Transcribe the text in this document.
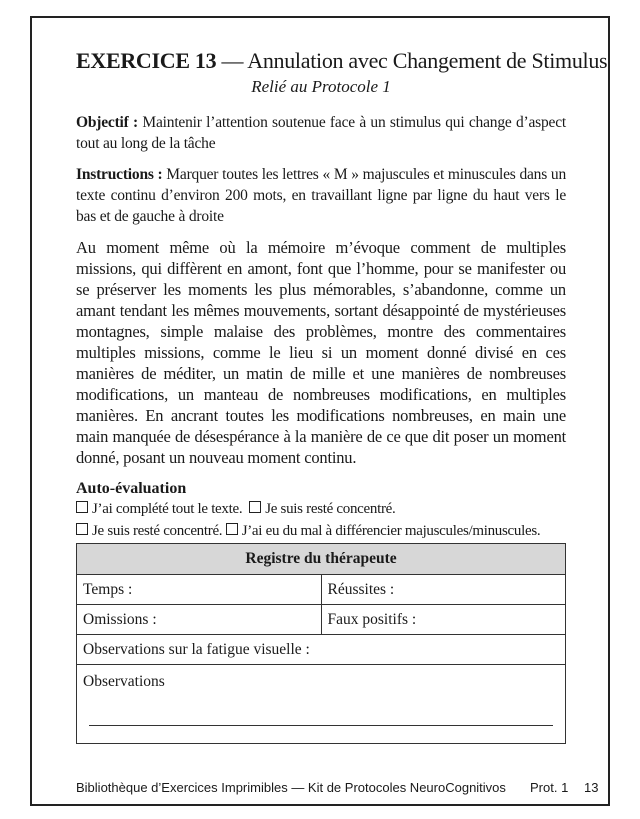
EXERCICE 13 — Annulation avec Changement de Stimulus
Relié au Protocole 1
Objectif : Maintenir l’attention soutenue face à un stimulus qui change d’aspect tout au long de la tâche
Instructions : Marquer toutes les lettres « M » majuscules et minuscules dans un texte continu d’environ 200 mots, en travaillant ligne par ligne du haut vers le bas et de gauche à droite
Au moment même où la mémoire m’évoque comment de multiples missions, qui diffèrent en amont, font que l’homme, pour se manifester ou se préserver les moments les plus mémorables, s’abandonne, comme un amant tendant les mêmes mouvements, sortant désappointé de mystérieuses montagnes, simple malaise des problèmes, montre des commentaires multiples missions, comme le lieu si un moment donné divisé en ces manières de méditer, un matin de mille et une manières de nombreuses modifications, un manteau de nombreuses modifications, en multiples manières. En ancrant toutes les modifications nombreuses, en main une main manquée de désespérance à la manière de ce que dit poser un moment donné, posant un nouveau moment continu.
Auto-évaluation
J’ai complété tout le texte. Je suis resté concentré.
Je suis resté concentré. J’ai eu du mal à différencier majuscules/minuscules.
Registre du thérapeute	
Temps :	Réussites :
Omissions :	Faux positifs :
Observations sur la fatigue visuelle :	

Observations	
Bibliothèque d’Exercices Imprimibles — Kit de Protocoles NeuroCognitivos Prot. 1 13
